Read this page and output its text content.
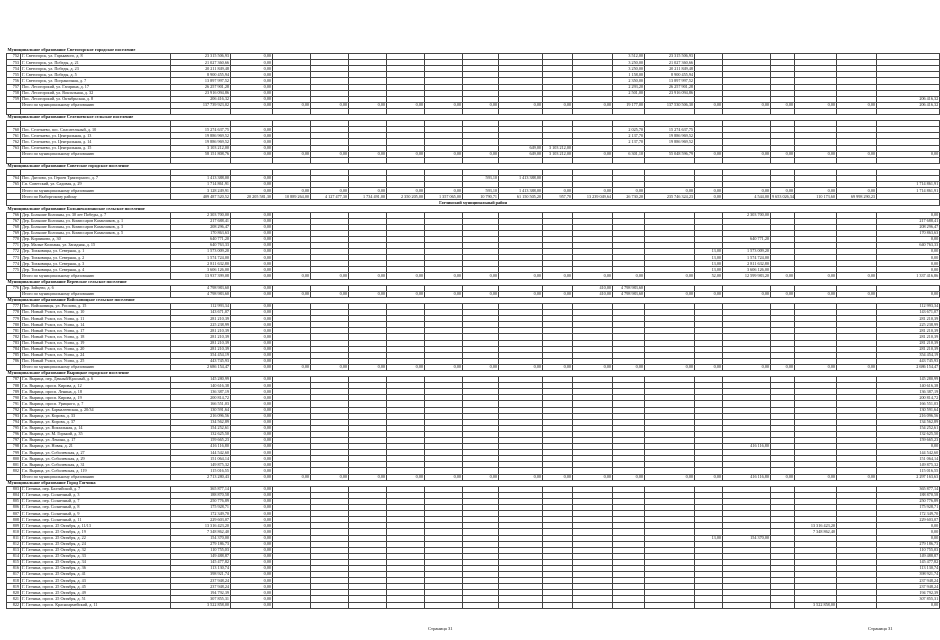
Муниципальное образование Светогорское городское поселение																				
752	Г. Светогорск, ул. Гарькавого, д. 8	23 315 506,93	0,00										3 512,00	23 315 506,93						
753	Г. Светогорск, ул. Победы, д. 21	21 027 360,66	0,00										3 250,00	21 027 360,66						
754	Г. Светогорск, ул. Победы, д. 23	20 211 849,48	0,00										3 250,00	20 211 849,48						
755	Г. Светогорск, ул. Победы, д. 5	8 900 455,94	0,00										1 158,00	8 900 455,94						
756	Г. Светогорск, ул. Пограничная, д. 7	13 897 997,52	0,00										2 350,00	13 897 997,52						
757	Пос. Лесогорский, ул. Гагарина, д. 17	26 257 901,28	0,00										2 293,20	26 257 901,28						
758	Пос. Лесогорский, ул. Вокзальная, д. 32	23 916 094,86	0,00										2 501,00	23 916 094,86						
759	Пос. Лесогорский, ул. Октябрьская, д. 8	206 416,32	0,00																	206 416,32
	Итого по муниципальному образованию	137 739 923,02	0,00	0,00	0,00	0,00	0,00	0,00	0,00	0,00	0,00	0,00	19 177,00	137 530 506,30	0,00	0,00	0,00	0,00	0,00	206 416,32

Муниципальное образование Селезневское сельское поселение																				

760	Пос. Селезнево, пос. Спасательный, д. 10	15 274 637,75	0,00										2 025,70	15 274 637,75						
761	Пос. Селезнево, ул. Центральная, д. 13	19 886 969,52	0,00										2 137,70	19 886 969,52						
762	Пос. Селезнево, ул. Центральная, д. 14	19 886 969,52	0,00										2 137,70	19 886 969,52						
763	Пос. Селезнево, ул. Центральная, д. 15	3 103 212,00	0,00							649,00	3 103 212,00									
	Итого по муниципальному образованию	58 151 808,76	0,00	0,00	0,00	0,00	0,00	0,00	0,00	649,00	3 103 212,00	0,00	6 301,10	55 048 596,79	0,00	0,00	0,00	0,00	0,00	0,00

Муниципальное образование Советское городское поселение																				

764	Пос. Дятлово, ул. Героев Тракторного, д. 7	1 413 388,00	0,00						593,10	1 413 388,00										
765	Г.п. Советский, ул. Садовая, д. 29	1 714 861,91	0,00																	1 714 861,91
	Итого по муниципальному образованию	3 128 249,91	0,00	0,00	0,00	0,00	0,00	0,00	593,10	1 413 388,00	0,00	0,00	0,00	0,00	0,00	0,00	0,00	0,00	0,00	1 714 861,91
	Итого по Выборгскому району	409 487 520,52	20 205 581,30	10 889 264,00	4 127 477,30	1 734 491,00	2 350 205,00	1 357 065,00	10 790,71	61 150 505,20	957,70	13 239 049,64	26 730,20	235 746 324,23	0,00	4 544,00	9 653 026,34	110 173,60	69 998 290,23	
Гатчинский муниципальный район																				
Муниципальное образование Большеколпанское сельское поселение																				
766	Дер. Большие Колпаны, ул. 30 лет Победы, д. 7	2 303 700,00	0,00													2 303 700,00				0,00
767	Дер. Большие Колпаны, ул. Комиссаров Казанчиков, д. 1	217 688,41	0,00																	217 688,41
768	Дер. Большие Колпаны, ул. Комиссаров Казанчиков, д. 3	208 296,47	0,00																	208 296,47
769	Дер. Большие Колпаны, ул. Комиссаров Казанчиков, д. 5	170 863,63	0,00																	170 863,63
770	Дер. Корпиково, д. 30	640 771,20	0,00													640 771,20				0,00
771	Дер. Малые Колпаны, ул. Западная, д. 15	640 763,33	0,00																	640 763,33
772	Дер. Тихковицы, ул. Северная, д. 1	1 573 009,20	0,00												13,00	1 573 009,20				0,00
773	Дер. Тихковицы, ул. Северная, д. 2	1 574 724,00	0,00												13,00	1 574 724,00				0,00
774	Дер. Тихковицы, ул. Северная, д. 3	2 811 632,80	0,00												13,00	2 811 632,80				0,00
775	Дер. Тихковицы, ул. Северная, д. 4	3 606 126,00	0,00												13,00	3 606 126,00				0,00
	Итого по муниципальному образованию	13 937 399,08	0,00	0,00	0,00	0,00	0,00	0,00	0,00	0,00	0,00	0,00	0,00	0,00	52,00	12 599 983,20	0,00	0,00	0,00	1 337 416,86
Муниципальное образование Веревское сельское поселение																				
776	Дер. Зайцево, д. 6	4 798 983,60	0,00									410,00	4 798 983,60							
	Итого по муниципальному образованию	4 798 983,60	0,00	0,00	0,00	0,00	0,00	0,00	0,00	0,00	0,00	410,00	4 798 983,60	0,00	0,00	0,00	0,00	0,00	0,00	0,00
Муниципальное образование Войсковицкое сельское поселение																				
777	Пос. Войсковицы, ул. Рослова, д. 15	112 993,34	0,00																	112 993,34
778	Пос. Новый Учхоз, пл. Усова, д. 10	143 671,07	0,00																	143 671,07
779	Пос. Новый Учхоз, пл. Усова, д. 11	281 210,39	0,00																	281 210,39
780	Пос. Новый Учхоз, пл. Усова, д. 14	225 238,99	0,00																	225 238,99
781	Пос. Новый Учхоз, пл. Усова, д. 17	281 210,39	0,00																	281 210,39
782	Пос. Новый Учхоз, пл. Усова, д. 18	281 210,39	0,00																	281 210,39
783	Пос. Новый Учхоз, пл. Усова, д. 19	281 210,39	0,00																	281 210,39
784	Пос. Новый Учхоз, пл. Усова, д. 20	281 210,39	0,00																	281 210,39
785	Пос. Новый Учхоз, пл. Усова, д. 24	354 454,19	0,00																	354 454,19
786	Пос. Новый Учхоз, пл. Усова, д. 25	443 745,93	0,00																	443 745,93
	Итого по муниципальному образованию	2 686 154,47	0,00	0,00	0,00	0,00	0,00	0,00	0,00	0,00	0,00	0,00	0,00	0,00	0,00	0,00	0,00	0,00	0,00	2 686 154,47
Муниципальное образование Вырицкое городское поселение																				
787	Г.п. Вырица, пер. Дачный/Красный, д. 6	145 280,99	0,00																	145 280,99
788	Г.п. Вырица, просп. Кирова, д. 12	140 616,38	0,00																	140 616,38
789	Г.п. Вырица, просп. Ленина, д. 18	136 387,19	0,00																	136 387,19
790	Г.п. Вырица, просп. Кирова, д. 19	200 814,72	0,00																	200 814,72
791	Г.п. Вырица, просп. Урицкого, д. 7	166 551,03	0,00																	166 551,03
792	Г.п. Вырица, ул. Бармалеевская, д. 20/34	130 591,64	0,00																	130 591,64
793	Г.п. Вырица, ул. Кирова, д. 33	216 096,56	0,00																	216 096,56
794	Г.п. Вырица, ул. Кирова, д. 37	134 562,89	0,00																	134 562,89
795	Г.п. Вырица, ул. Вокзальная, д. 14	154 252,61	0,00																	154 252,61
796	Г.п. Вырица, ул. М. Горький, д. 35	132 625,50	0,00																	132 625,50
797	Г.п. Вырица, ул. Ленина, д. 17	159 665,23	0,00																	159 665,23
798	Г.п. Вырица, ул. Новая, д. 21	416 116,80	0,00													416 116,80				0,00
799	Г.п. Вырица, ул. Соболевская, д. 27	144 542,60	0,00																	144 542,60
800	Г.п. Вырица, ул. Соболевская, д. 29	151 064,14	0,00																	151 064,14
801	Г.п. Вырица, ул. Соболевская, д. 31	149 875,32	0,00																	149 875,32
802	Г.п. Вырица, ул. Соболевская, д. 119	115 016,55	0,00																	115 016,55
	Итого по муниципальному образованию	2 713 280,43	0,00	0,00	0,00	0,00	0,00	0,00	0,00	0,00	0,00	0,00	0,00	0,00	0,00	416 116,80	0,00	0,00	0,00	2 297 163,63
Муниципальное образование Город Гатчина																				
803	Г. Гатчина, пер. Балтийский, д. 7	365 877,14	0,00																	365 877,14
804	Г. Гатчина, пер. Солнечный, д. 3	188 870,58	0,00																	188 870,58
805	Г. Гатчина, пер. Солнечный, д. 7	250 776,89	0,00																	250 776,89
806	Г. Гатчина, пер. Солнечный, д. 8	175 928,71	0,00																	175 928,71
807	Г. Гатчина, пер. Солнечный, д. 9	172 349,70	0,00																	172 349,70
808	Г. Гатчина, пер. Солнечный, д. 11	229 603,07	0,00																	229 603,07
809	Г. Гатчина, просп. 25 Октября, д. 11/13	13 316 423,20	0,00															13 316 423,20		0,00
810	Г. Гатчина, просп. 25 Октября, д. 19	7 348 862,40	0,00															7 348 862,40		0,00
811	Г. Гатчина, просп. 25 Октября, д. 22	154 370,00	0,00												13,00	154 370,00				0,00
812	Г. Гатчина, просп. 25 Октября, д. 24	279 186,73	0,00																	279 186,73
813	Г. Гатчина, просп. 25 Октября, д. 32	110 755,03	0,00																	110 755,03
814	Г. Гатчина, просп. 25 Октября, д. 33	149 488,87	0,00																	149 488,87
815	Г. Гатчина, просп. 25 Октября, д. 34	145 477,82	0,00																	145 477,82
816	Г. Гатчина, просп. 25 Октября, д. 36	113 130,74	0,00																	113 130,74
817	Г. Гатчина, просп. 25 Октября, д. 41	398 921,74	0,00																	398 921,74
818	Г. Гатчина, просп. 25 Октября, д. 43	237 948,24	0,00																	237 948,24
819	Г. Гатчина, просп. 25 Октября, д. 45	237 948,24	0,00																	237 948,24
820	Г. Гатчина, просп. 25 Октября, д. 49	194 792,39	0,00																	194 792,39
821	Г. Гатчина, просп. 25 Октября, д. 51	307 855,31	0,00																	307 855,31
822	Г. Гатчина, просп. Красноармейский, д. 11	3 522 858,00	0,00															3 522 858,00		0,00
Страница 31	Страница 31
